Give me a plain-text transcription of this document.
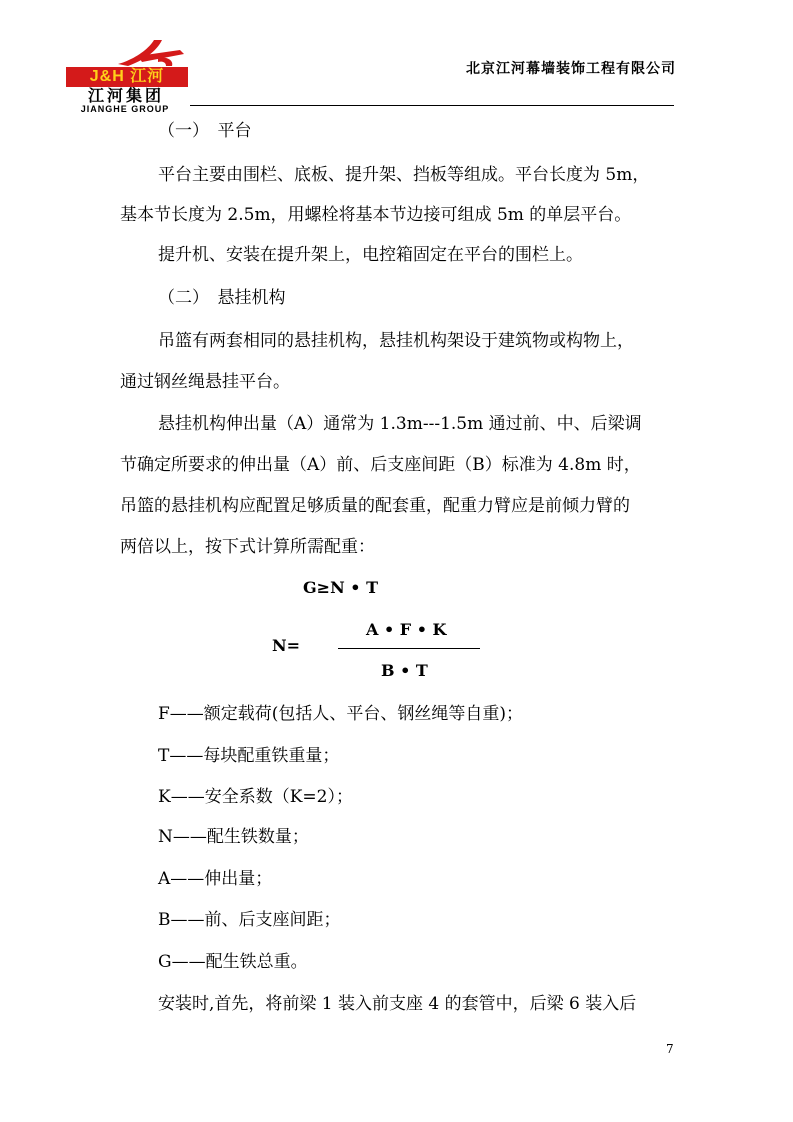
J&H 江河
江河集团
JIANGHE GROUP
北京江河幕墙装饰工程有限公司
（一）　平台
平台主要由围栏、底板、提升架、挡板等组成。平台长度为 5m，
基本节长度为 2.5m，用螺栓将基本节边接可组成 5m 的单层平台。
提升机、安装在提升架上，电控箱固定在平台的围栏上。
（二）　悬挂机构
吊篮有两套相同的悬挂机构，悬挂机构架设于建筑物或构物上，
通过钢丝绳悬挂平台。
悬挂机构伸出量（A）通常为 1.3m---1.5m 通过前、中、后梁调
节确定所要求的伸出量（A）前、后支座间距（B）标准为 4.8m 时，
吊篮的悬挂机构应配置足够质量的配套重，配重力臂应是前倾力臂的
两倍以上，按下式计算所需配重：
G≥N • T
N=
A • F • K
B • T
F——额定载荷(包括人、平台、钢丝绳等自重)；
T——每块配重铁重量；
K——安全系数（K=2）；
N——配生铁数量；
A——伸出量；
B——前、后支座间距；
G——配生铁总重。
安装时,首先，将前梁 1 装入前支座 4 的套管中，后梁 6 装入后
7
